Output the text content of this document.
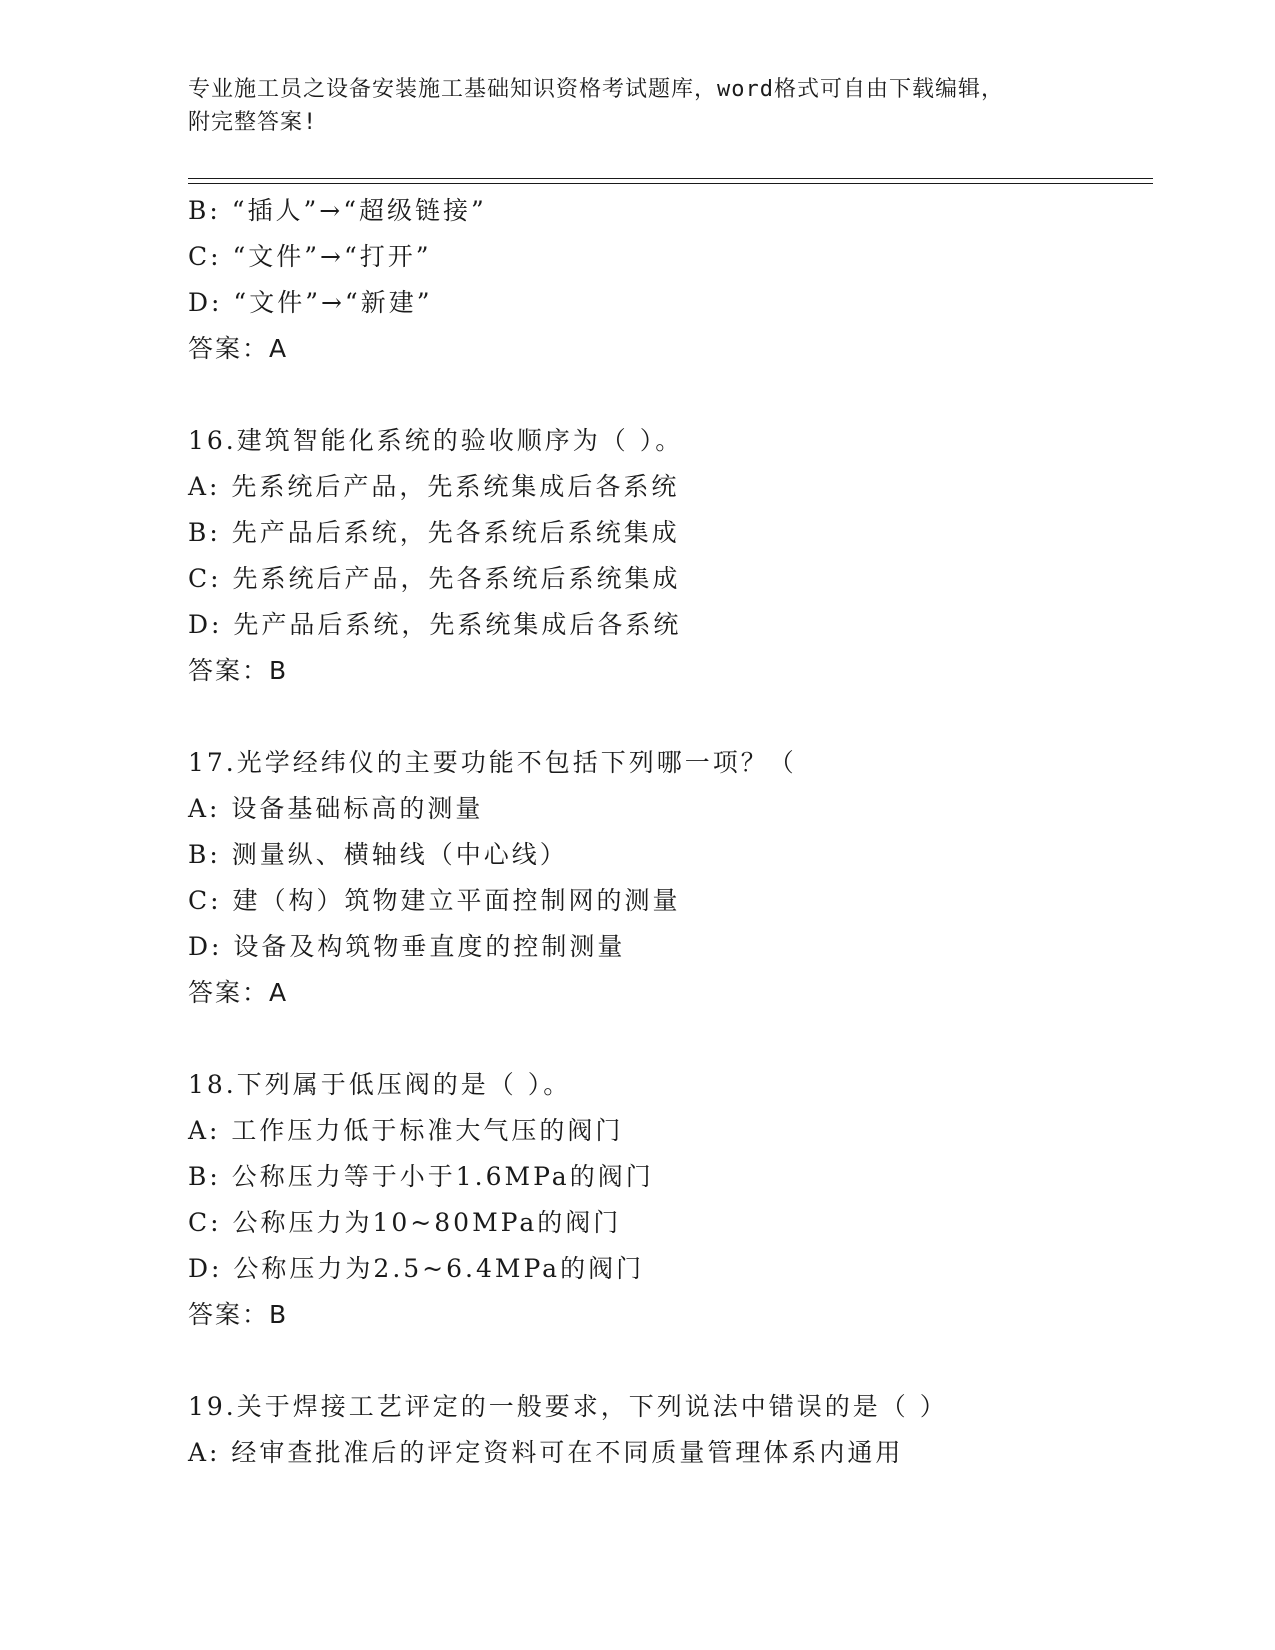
专业施工员之设备安装施工基础知识资格考试题库，word格式可自由下载编辑，
附完整答案!
B: “插人”→“超级链接”
C: “文件”→“打开”
D: “文件”→“新建”
答案：A
16.建筑智能化系统的验收顺序为（ ）。
A: 先系统后产品，先系统集成后各系统
B: 先产品后系统，先各系统后系统集成
C: 先系统后产品，先各系统后系统集成
D: 先产品后系统，先系统集成后各系统
答案：B
17.光学经纬仪的主要功能不包括下列哪一项？（
A: 设备基础标高的测量
B: 测量纵、横轴线（中心线）
C: 建（构）筑物建立平面控制网的测量
D: 设备及构筑物垂直度的控制测量
答案：A
18.下列属于低压阀的是（ ）。
A: 工作压力低于标准大气压的阀门
B: 公称压力等于小于1.6MPa的阀门
C: 公称压力为10~80MPa的阀门
D: 公称压力为2.5~6.4MPa的阀门
答案：B
19.关于焊接工艺评定的一般要求，下列说法中错误的是（ ）
A: 经审查批准后的评定资料可在不同质量管理体系内通用
